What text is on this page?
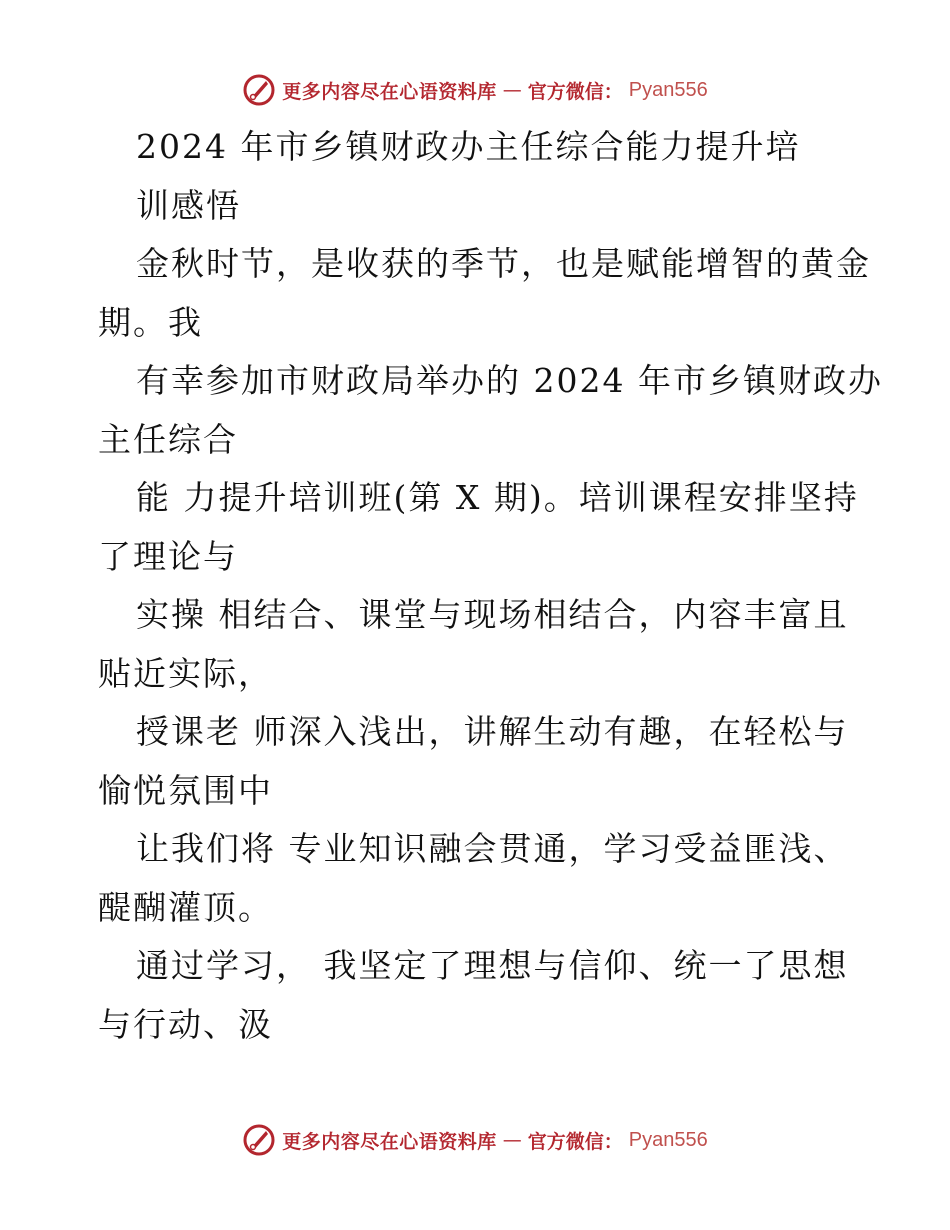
更多内容尽在心语资料库 — 官方微信： Pyan556
2024 年市乡镇财政办主任综合能力提升培
训感悟
金秋时节，是收获的季节，也是赋能增智的黄金
期。我
有幸参加市财政局举办的 2024 年市乡镇财政办
主任综合
能 力提升培训班(第 X 期)。培训课程安排坚持
了理论与
实操 相结合、课堂与现场相结合，内容丰富且
贴近实际，
授课老 师深入浅出，讲解生动有趣，在轻松与
愉悦氛围中
让我们将 专业知识融会贯通，学习受益匪浅、
醍醐灌顶。
通过学习， 我坚定了理想与信仰、统一了思想
与行动、汲
更多内容尽在心语资料库 — 官方微信： Pyan556
